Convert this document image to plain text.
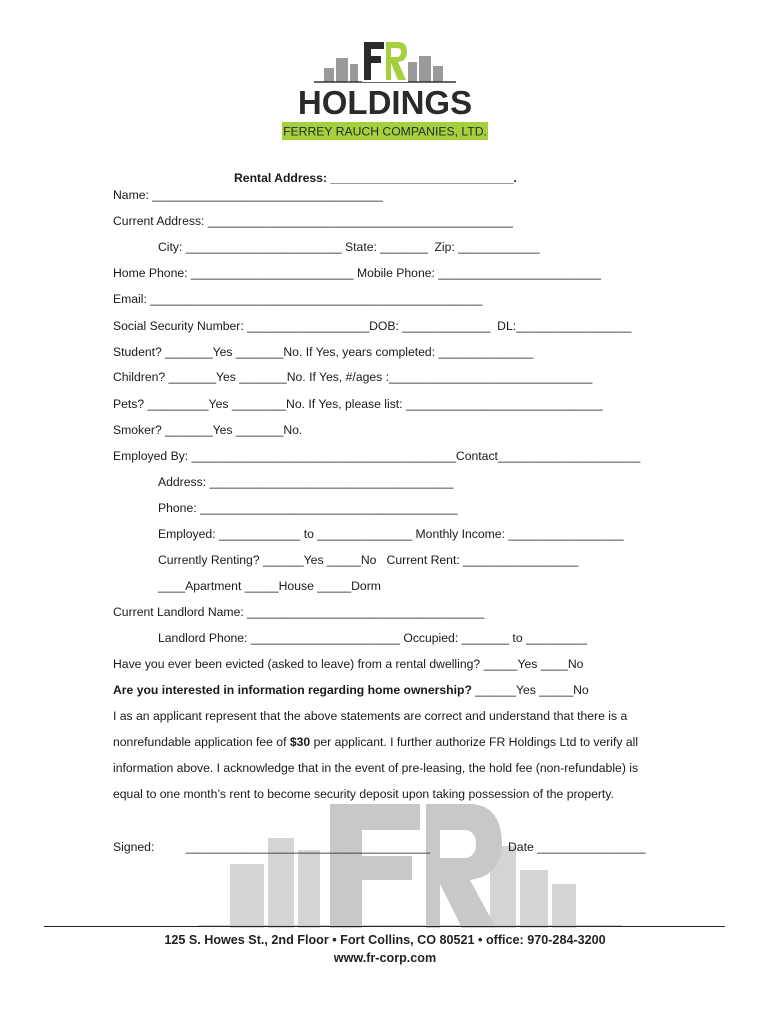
HOLDINGS
FERREY RAUCH COMPANIES, LTD.
Rental Address: ___________________________.
Name: __________________________________
Current Address: _____________________________________________
City: _______________________ State: _______  Zip: ____________
Home Phone: ________________________ Mobile Phone: ________________________
Email: _________________________________________________
Social Security Number: __________________DOB: _____________  DL:_________________
Student? _______Yes _______No. If Yes, years completed: ______________
Children? _______Yes _______No. If Yes, #/ages :______________________________
Pets? _________Yes ________No. If Yes, please list: _____________________________
Smoker? _______Yes _______No.
Employed By: _______________________________________Contact_____________________
Address: ____________________________________
Phone: ______________________________________
Employed: ____________ to ______________ Monthly Income: _________________
Currently Renting? ______Yes _____No   Current Rent: _________________
____Apartment _____House _____Dorm
Current Landlord Name: ___________________________________
Landlord Phone: ______________________ Occupied: _______ to _________
Have you ever been evicted (asked to leave) from a rental dwelling? _____Yes ____No
Are you interested in information regarding home ownership? ______Yes _____No
I as an applicant represent that the above statements are correct and understand that there is a nonrefundable application fee of $30 per applicant. I further authorize FR Holdings Ltd to verify all information above. I acknowledge that in the event of pre-leasing, the hold fee (non-refundable) is equal to one month’s rent to become security deposit upon taking possession of the property.
Signed:	____________________________________	Date ________________
125 S. Howes St., 2nd Floor • Fort Collins, CO 80521 • office: 970-284-3200
www.fr-corp.com
